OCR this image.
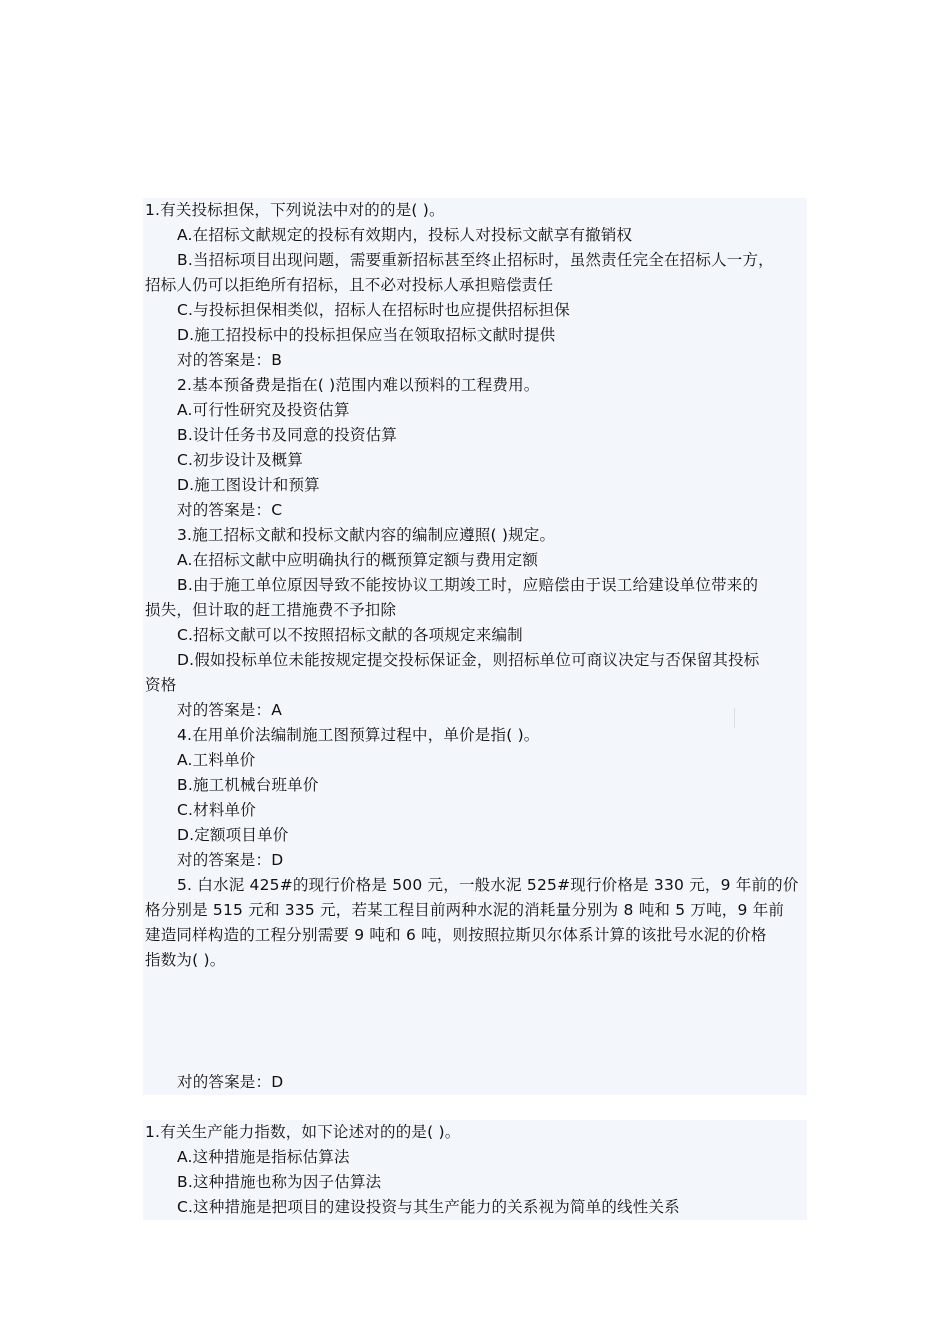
1.有关投标担保，下列说法中对的的是( )。
A.在招标文献规定的投标有效期内，投标人对投标文献享有撤销权
B.当招标项目出现问题，需要重新招标甚至终止招标时，虽然责任完全在招标人一方，
招标人仍可以拒绝所有招标，且不必对投标人承担赔偿责任
C.与投标担保相类似，招标人在招标时也应提供招标担保
D.施工招投标中的投标担保应当在领取招标文献时提供
对的答案是：B
2.基本预备费是指在( )范围内难以预料的工程费用。
A.可行性研究及投资估算
B.设计任务书及同意的投资估算
C.初步设计及概算
D.施工图设计和预算
对的答案是：C
3.施工招标文献和投标文献内容的编制应遵照( )规定。
A.在招标文献中应明确执行的概预算定额与费用定额
B.由于施工单位原因导致不能按协议工期竣工时，应赔偿由于误工给建设单位带来的
损失，但计取的赶工措施费不予扣除
C.招标文献可以不按照招标文献的各项规定来编制
D.假如投标单位未能按规定提交投标保证金，则招标单位可商议决定与否保留其投标
资格
对的答案是：A
4.在用单价法编制施工图预算过程中，单价是指( )。
A.工料单价
B.施工机械台班单价
C.材料单价
D.定额项目单价
对的答案是：D
5. 白水泥 425#的现行价格是 500 元，一般水泥 525#现行价格是 330 元，9 年前的价
格分别是 515 元和 335 元，若某工程目前两种水泥的消耗量分别为 8 吨和 5 万吨，9 年前
建造同样构造的工程分别需要 9 吨和 6 吨，则按照拉斯贝尔体系计算的该批号水泥的价格
指数为( )。
对的答案是：D
1.有关生产能力指数，如下论述对的的是( )。
A.这种措施是指标估算法
B.这种措施也称为因子估算法
C.这种措施是把项目的建设投资与其生产能力的关系视为简单的线性关系
